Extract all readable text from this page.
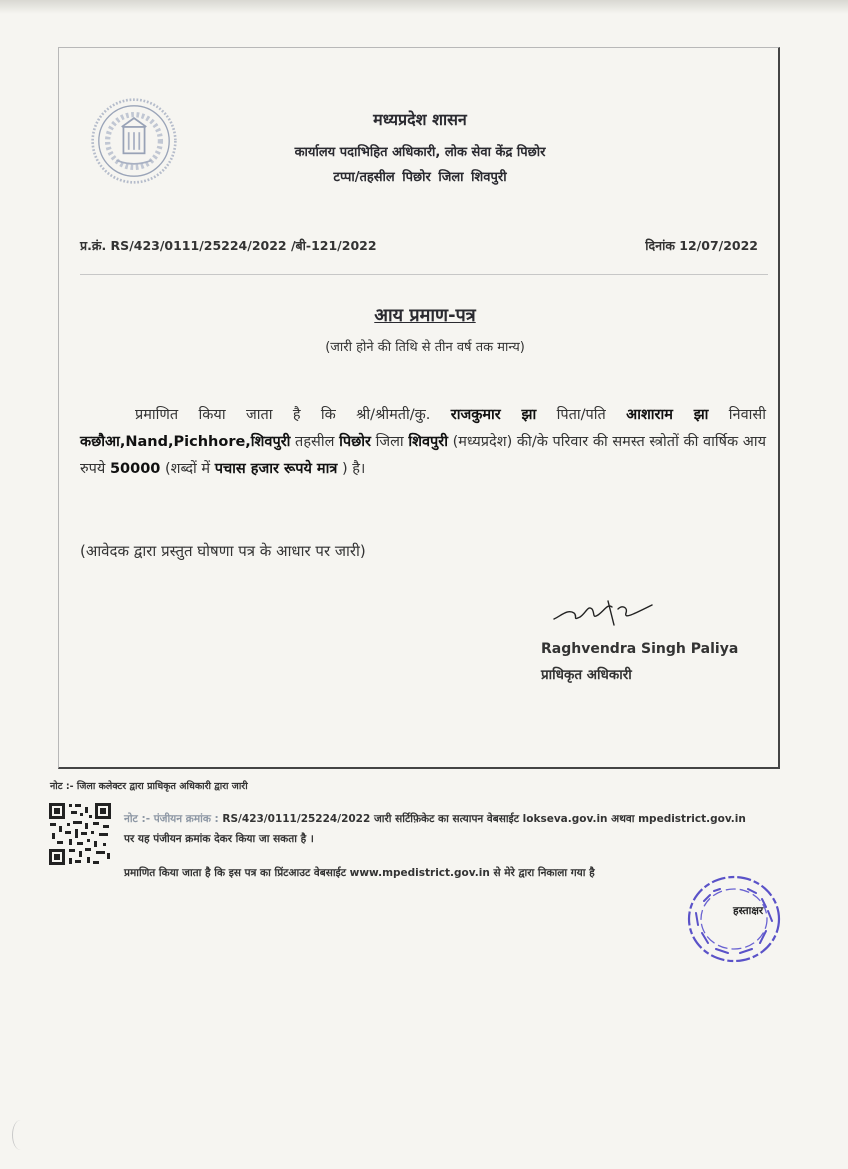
मध्यप्रदेश शासन
कार्यालय पदाभिहित अधिकारी, लोक सेवा केंद्र पिछोर
टप्पा/तहसील पिछोर जिला शिवपुरी
प्र.क्रं. RS/423/0111/25224/2022 /बी-121/2022	दिनांक 12/07/2022
आय प्रमाण-पत्र
(जारी होने की तिथि से तीन वर्ष तक मान्य)

प्रमाणित किया जाता है कि श्री/श्रीमती/कु. राजकुमार झा पिता/पति आशाराम झा निवासी कछौआ,Nand,Pichhore,शिवपुरी तहसील पिछोर जिला शिवपुरी (मध्यप्रदेश) की/के परिवार की समस्त स्त्रोतों की वार्षिक आय रुपये 50000 (शब्दों में पचास हजार रूपये मात्र ) है।

(आवेदक द्वारा प्रस्तुत घोषणा पत्र के आधार पर जारी)
Raghvendra Singh Paliya
प्राधिकृत अधिकारी
नोट :- जिला कलेक्टर द्वारा प्राधिकृत अधिकारी द्वारा जारी
नोट :- पंजीयन क्रमांक : RS/423/0111/25224/2022 जारी सर्टिफ़िकेट का सत्यापन वेबसाईट lokseva.gov.in अथवा mpedistrict.gov.in पर यह पंजीयन क्रमांक देकर किया जा सकता है ।
प्रमाणित किया जाता है कि इस पत्र का प्रिंटआउट वेबसाईट www.mpedistrict.gov.in से मेरे द्वारा निकाला गया है
हस्ताक्षर
